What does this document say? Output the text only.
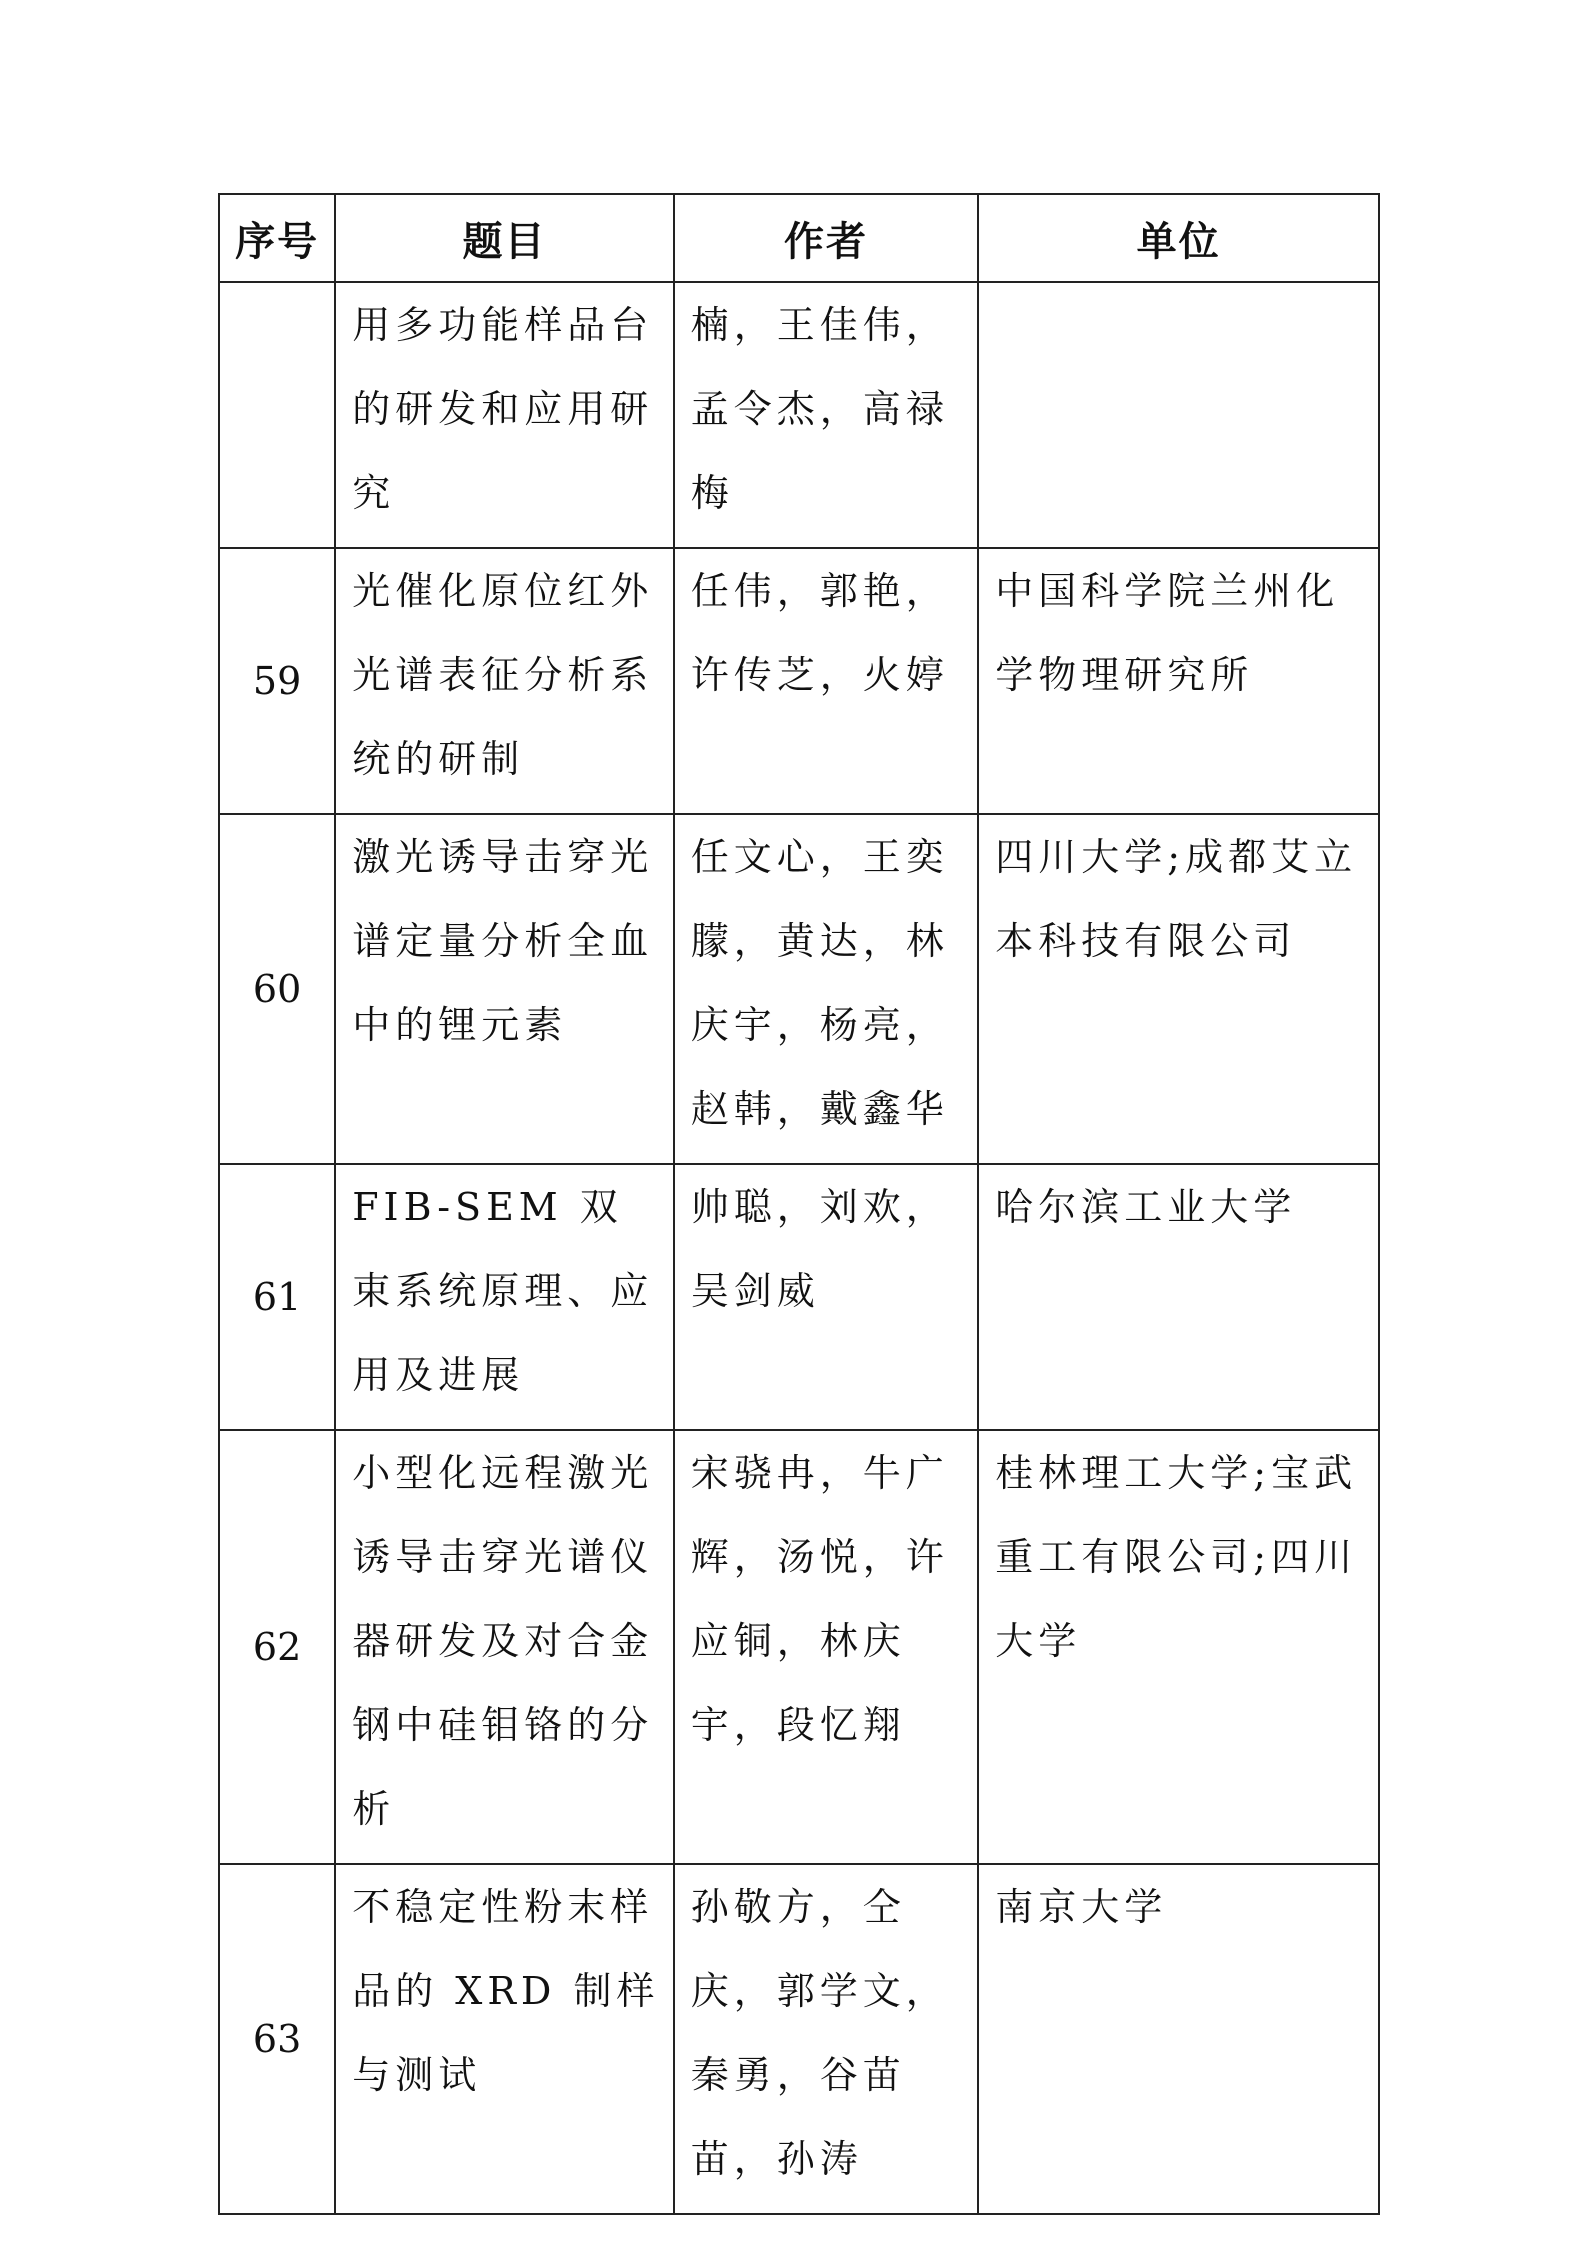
序号	题目	作者	单位
	用多功能样品台的研发和应用研究	楠，王佳伟，孟令杰，高禄梅	
59	光催化原位红外光谱表征分析系统的研制	任伟，郭艳，许传芝，火婷	中国科学院兰州化学物理研究所
60	激光诱导击穿光谱定量分析全血中的锂元素	任文心，王奕朦，黄达，林庆宇，杨亮，赵韩，戴鑫华	四川大学;成都艾立本科技有限公司
61	FIB-SEM 双束系统原理、应用及进展	帅聪，刘欢，吴剑威	哈尔滨工业大学
62	小型化远程激光诱导击穿光谱仪器研发及对合金钢中硅钼铬的分析	宋骁冉，牛广辉，汤悦，许应铜，林庆宇，段忆翔	桂林理工大学;宝武重工有限公司;四川大学
63	不稳定性粉末样品的 XRD 制样与测试	孙敬方，仝庆，郭学文，秦勇，谷苗苗，孙涛	南京大学
